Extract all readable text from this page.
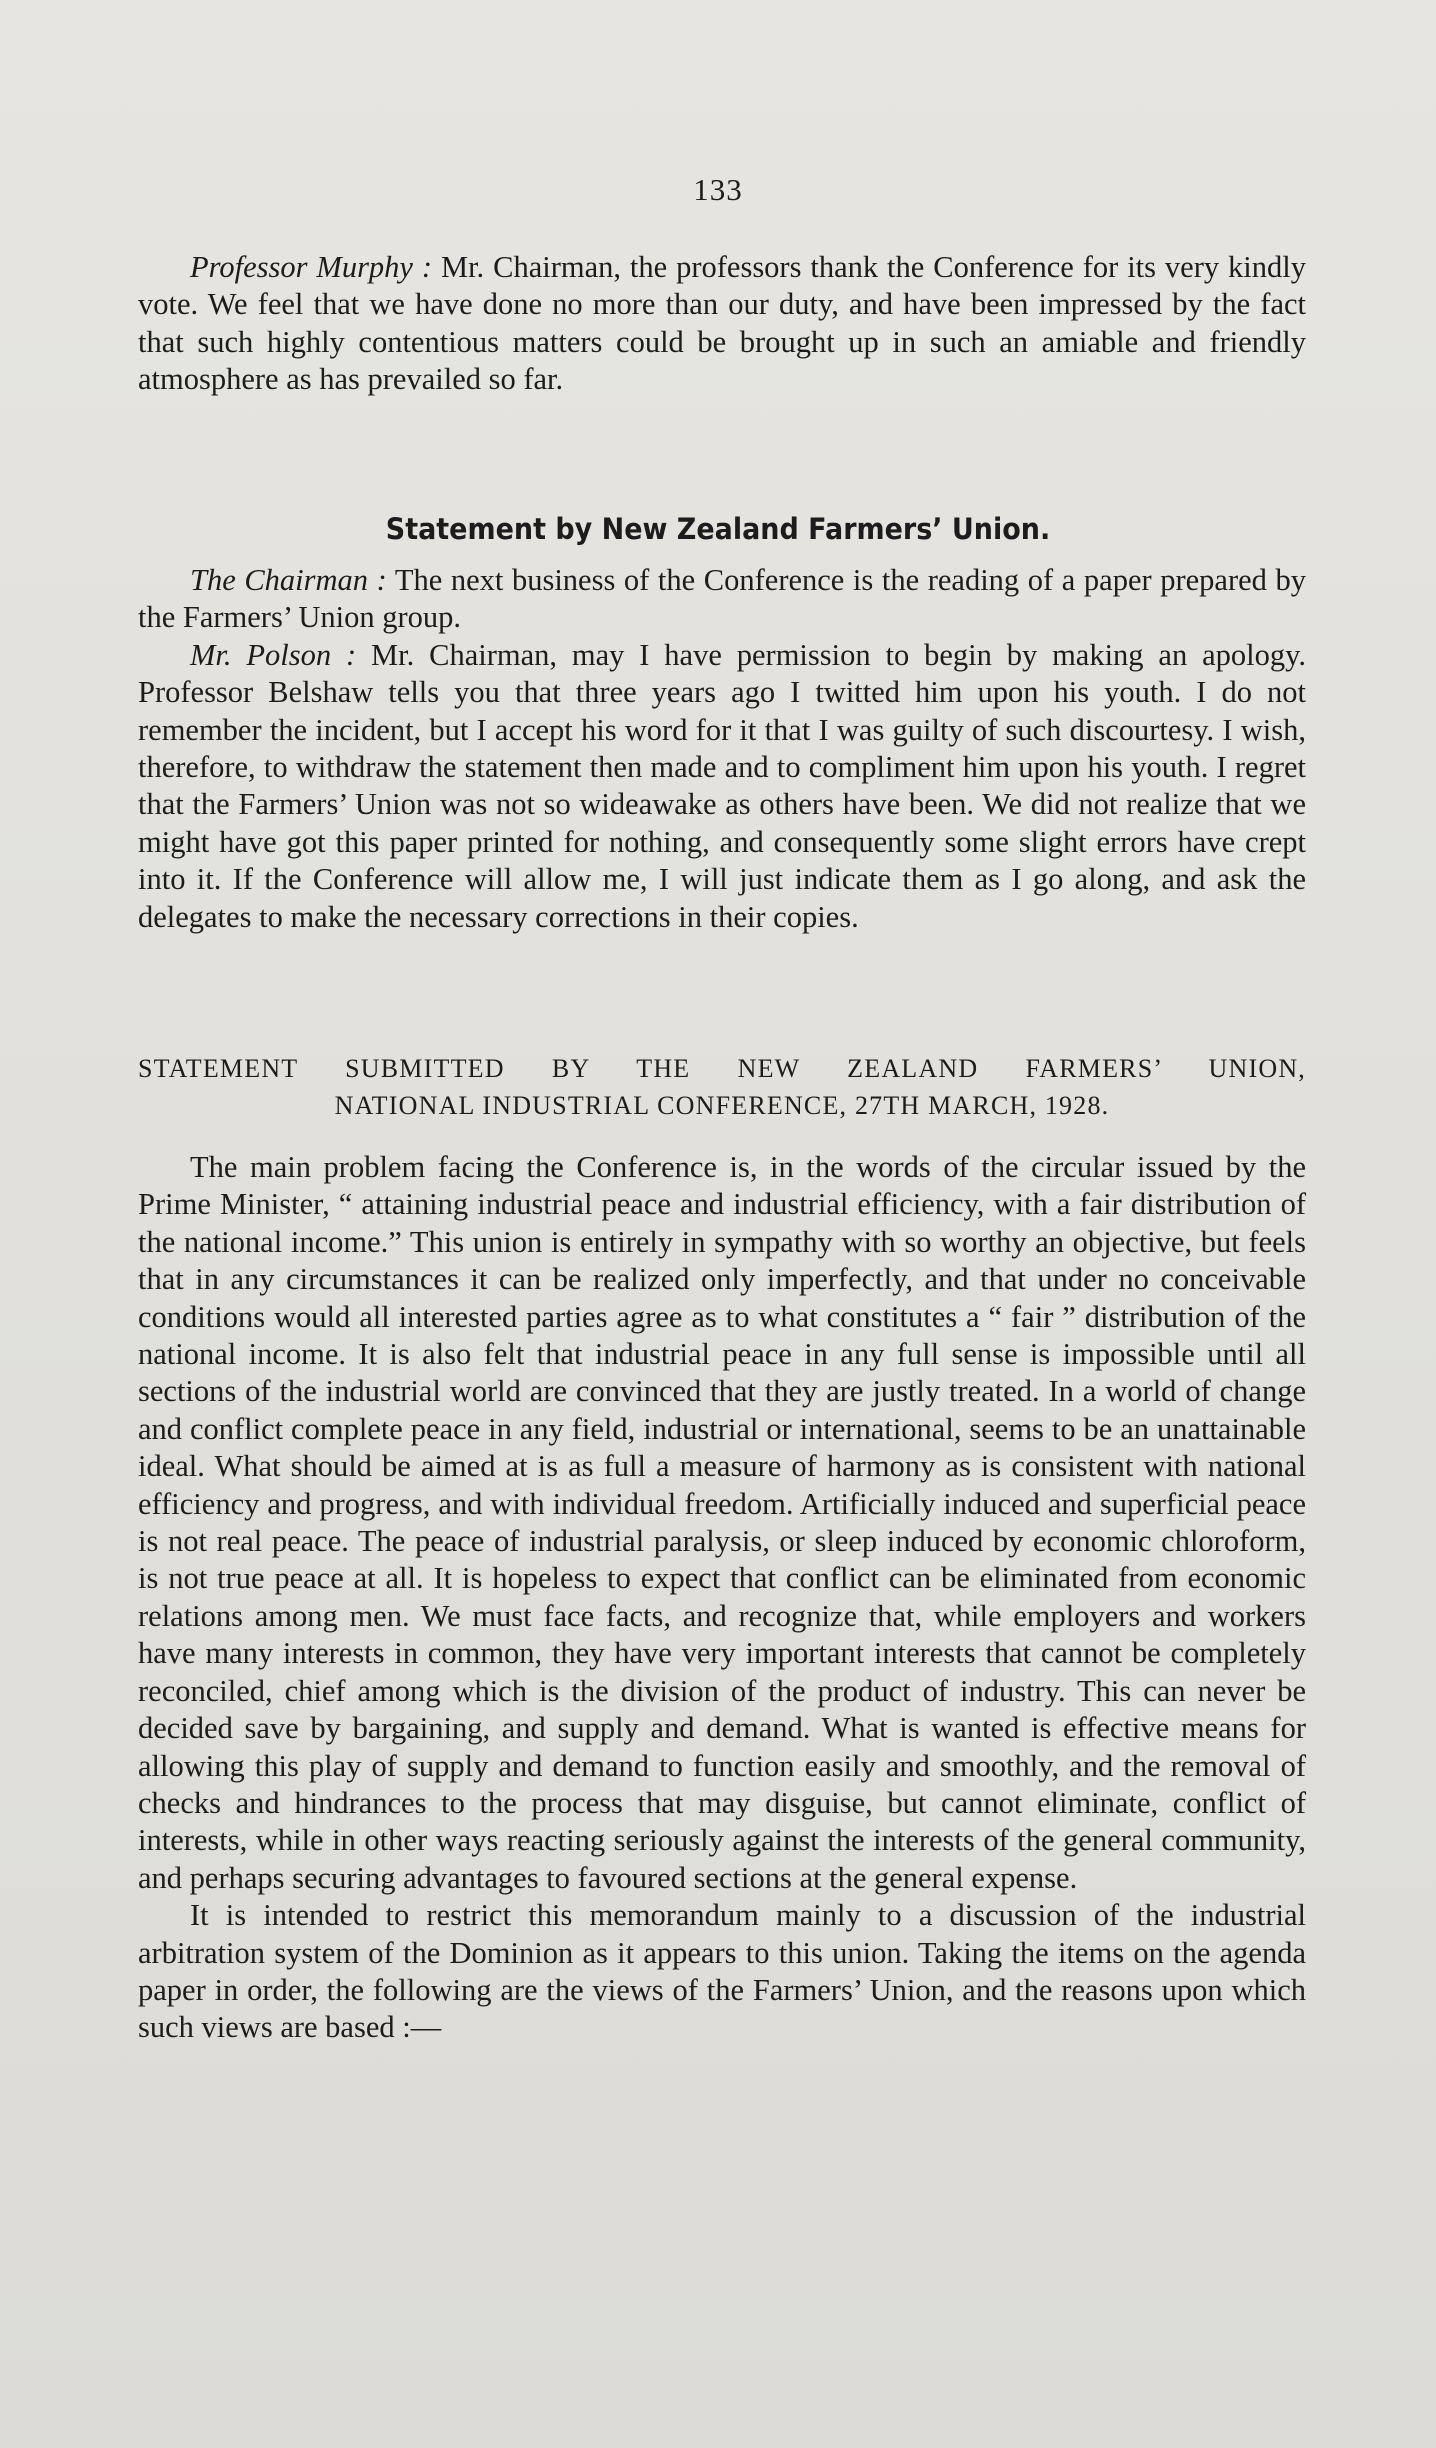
133

Professor Murphy : Mr. Chairman, the professors thank the Conference for its very kindly vote. We feel that we have done no more than our duty, and have been impressed by the fact that such highly contentious matters could be brought up in such an amiable and friendly atmosphere as has prevailed so far.

Statement by New Zealand Farmers’ Union.

The Chairman : The next business of the Conference is the reading of a paper prepared by the Farmers’ Union group.

Mr. Polson : Mr. Chairman, may I have permission to begin by making an apology. Professor Belshaw tells you that three years ago I twitted him upon his youth. I do not remember the incident, but I accept his word for it that I was guilty of such discourtesy. I wish, therefore, to withdraw the statement then made and to compliment him upon his youth. I regret that the Farmers’ Union was not so wideawake as others have been. We did not realize that we might have got this paper printed for nothing, and consequently some slight errors have crept into it. If the Conference will allow me, I will just indicate them as I go along, and ask the delegates to make the necessary corrections in their copies.

STATEMENT SUBMITTED BY THE NEW ZEALAND FARMERS’ UNION,
NATIONAL INDUSTRIAL CONFERENCE, 27TH MARCH, 1928.

The main problem facing the Conference is, in the words of the circular issued by the Prime Minister, “ attaining industrial peace and industrial efficiency, with a fair distribution of the national income.” This union is entirely in sympathy with so worthy an objective, but feels that in any circumstances it can be realized only imperfectly, and that under no conceivable conditions would all interested parties agree as to what constitutes a “ fair ” distribution of the national income. It is also felt that industrial peace in any full sense is impossible until all sections of the industrial world are convinced that they are justly treated. In a world of change and conflict complete peace in any field, industrial or international, seems to be an unattainable ideal. What should be aimed at is as full a measure of harmony as is consistent with national efficiency and progress, and with individual freedom. Artificially induced and superficial peace is not real peace. The peace of industrial paralysis, or sleep induced by economic chloroform, is not true peace at all. It is hopeless to expect that conflict can be eliminated from economic relations among men. We must face facts, and recognize that, while employers and workers have many interests in common, they have very important interests that cannot be completely reconciled, chief among which is the division of the product of industry. This can never be decided save by bargaining, and supply and demand. What is wanted is effective means for allowing this play of supply and demand to function easily and smoothly, and the removal of checks and hindrances to the process that may disguise, but cannot eliminate, conflict of interests, while in other ways reacting seriously against the interests of the general community, and perhaps securing advantages to favoured sections at the general expense.

It is intended to restrict this memorandum mainly to a discussion of the industrial arbitration system of the Dominion as it appears to this union. Taking the items on the agenda paper in order, the following are the views of the Farmers’ Union, and the reasons upon which such views are based :—
